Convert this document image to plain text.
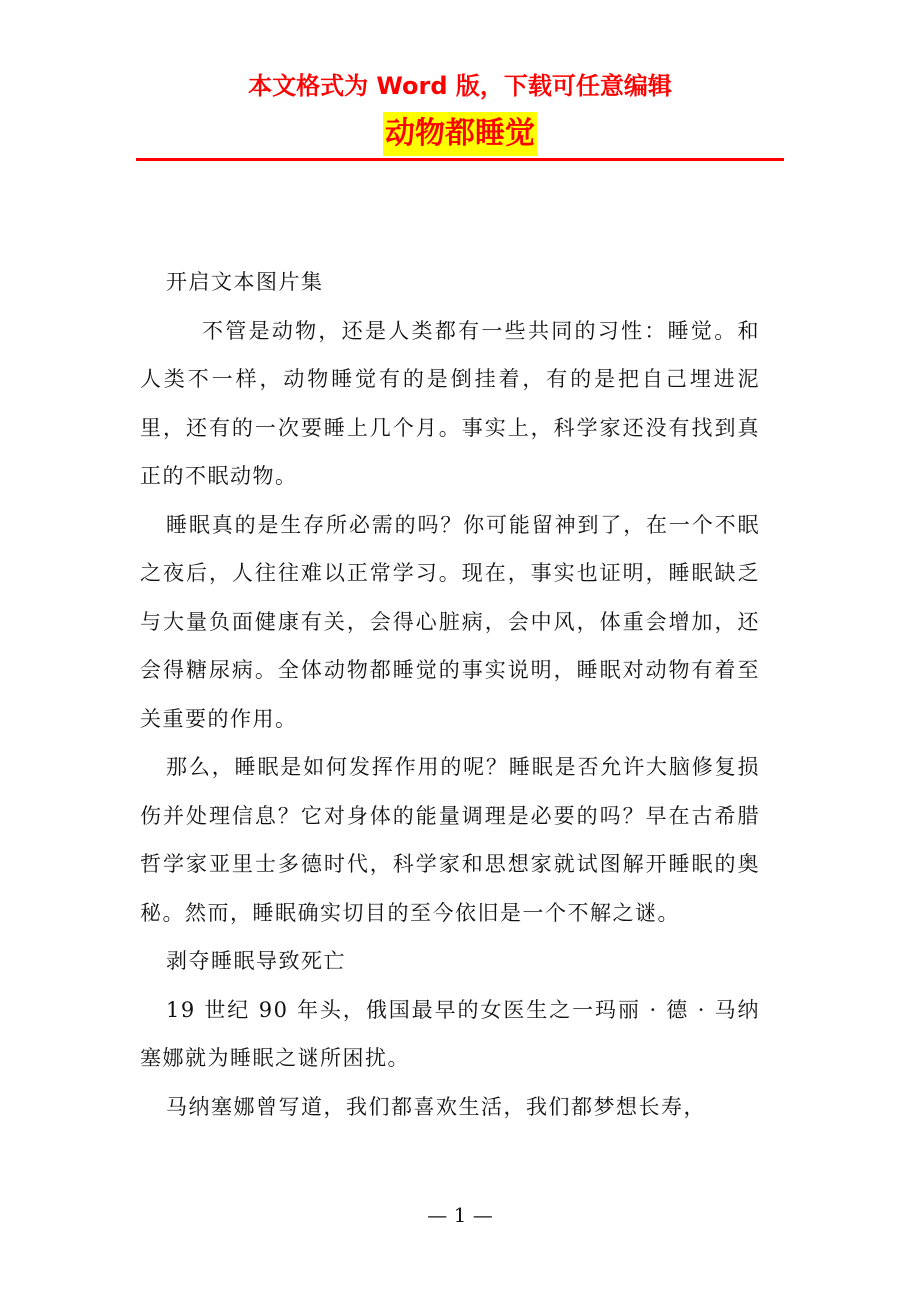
本文格式为 Word 版，下载可任意编辑
动物都睡觉

开启文本图片集

不管是动物，还是人类都有一些共同的习性：睡觉。和人类不一样，动物睡觉有的是倒挂着，有的是把自己埋进泥里，还有的一次要睡上几个月。事实上，科学家还没有找到真正的不眠动物。

睡眠真的是生存所必需的吗？你可能留神到了，在一个不眠之夜后，人往往难以正常学习。现在，事实也证明，睡眠缺乏与大量负面健康有关，会得心脏病，会中风，体重会增加，还会得糖尿病。全体动物都睡觉的事实说明，睡眠对动物有着至关重要的作用。

那么，睡眠是如何发挥作用的呢？睡眠是否允许大脑修复损伤并处理信息？它对身体的能量调理是必要的吗？早在古希腊哲学家亚里士多德时代，科学家和思想家就试图解开睡眠的奥秘。然而，睡眠确实切目的至今依旧是一个不解之谜。

剥夺睡眠导致死亡

19 世纪 90 年头，俄国最早的女医生之一玛丽 · 德 · 马纳塞娜就为睡眠之谜所困扰。

马纳塞娜曾写道，我们都喜欢生活，我们都梦想长寿，

— 1 —
